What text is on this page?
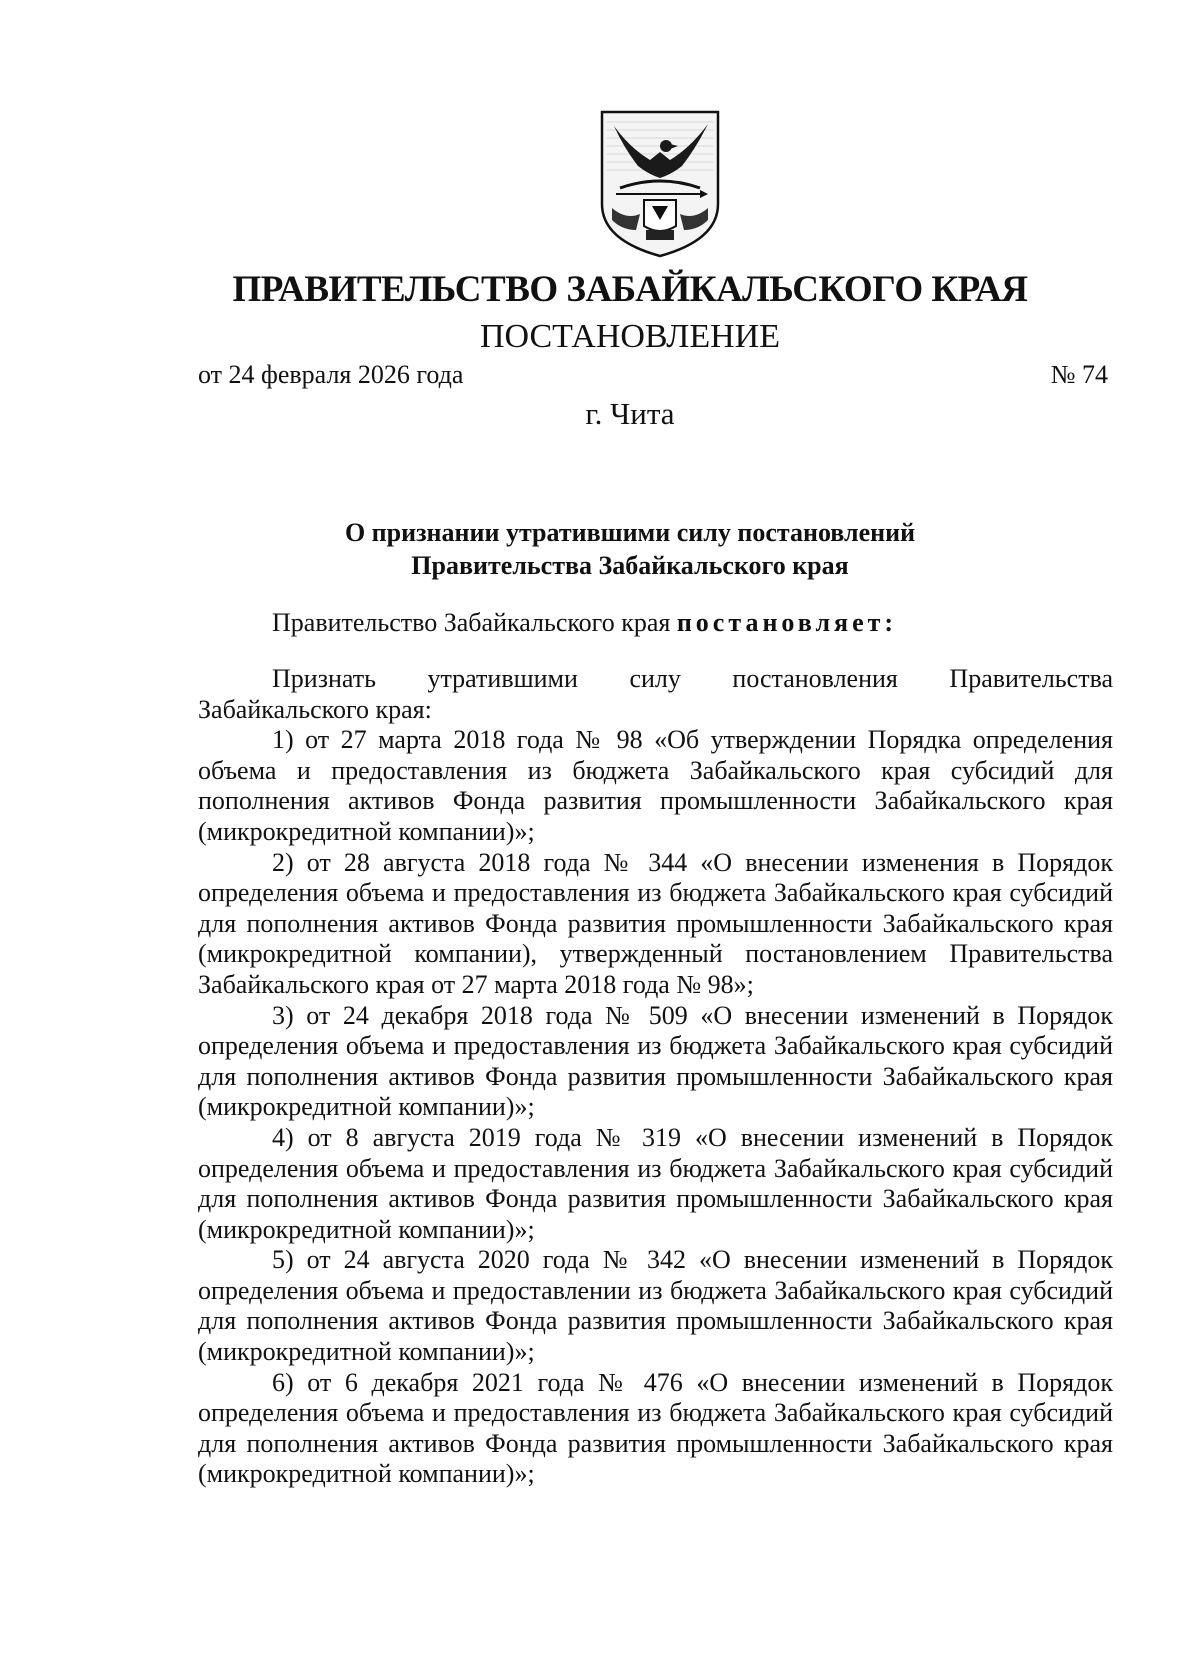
ПРАВИТЕЛЬСТВО ЗАБАЙКАЛЬСКОГО КРАЯ
ПОСТАНОВЛЕНИЕ
от 24 февраля 2026 года	№ 74
г. Чита
О признании утратившими силу постановлений
Правительства Забайкальского края
Правительство Забайкальского края постановляет:

Признать утратившими силу постановления Правительства

Забайкальского края:

1) от 27 марта 2018 года № 98 «Об утверждении Порядка определения объема и предоставления из бюджета Забайкальского края субсидий для пополнения активов Фонда развития промышленности Забайкальского края (микрокредитной компании)»;

2) от 28 августа 2018 года № 344 «О внесении изменения в Порядок определения объема и предоставления из бюджета Забайкальского края субсидий для пополнения активов Фонда развития промышленности Забайкальского края (микрокредитной компании), утвержденный постановлением Правительства Забайкальского края от 27 марта 2018 года № 98»;

3) от 24 декабря 2018 года № 509 «О внесении изменений в Порядок определения объема и предоставления из бюджета Забайкальского края субсидий для пополнения активов Фонда развития промышленности Забайкальского края (микрокредитной компании)»;

4) от 8 августа 2019 года № 319 «О внесении изменений в Порядок определения объема и предоставления из бюджета Забайкальского края субсидий для пополнения активов Фонда развития промышленности Забайкальского края (микрокредитной компании)»;

5) от 24 августа 2020 года № 342 «О внесении изменений в Порядок определения объема и предоставлении из бюджета Забайкальского края субсидий для пополнения активов Фонда развития промышленности Забайкальского края (микрокредитной компании)»;

6) от 6 декабря 2021 года № 476 «О внесении изменений в Порядок определения объема и предоставления из бюджета Забайкальского края субсидий для пополнения активов Фонда развития промышленности Забайкальского края (микрокредитной компании)»;
